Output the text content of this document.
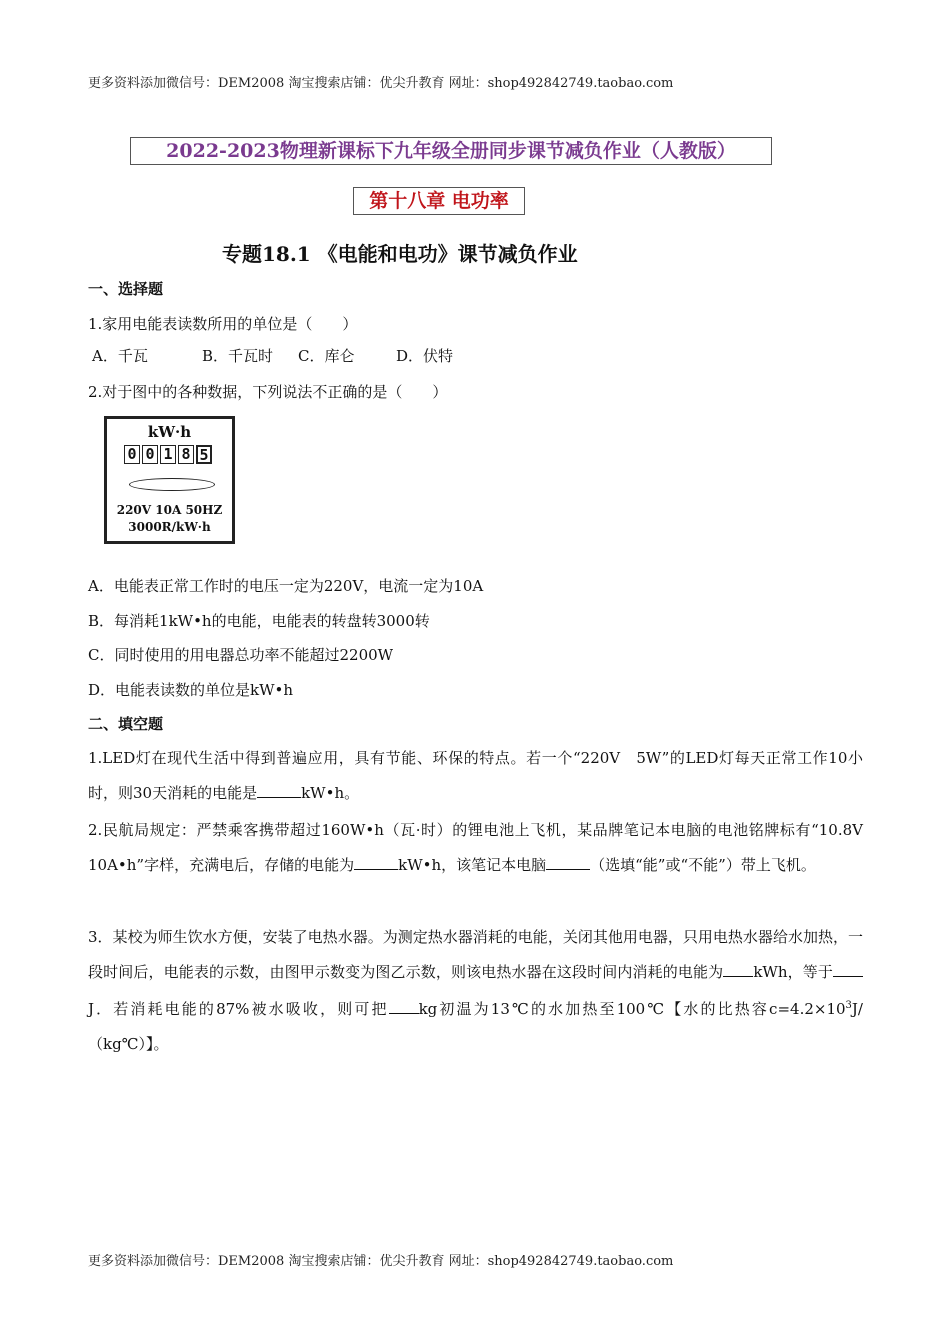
更多资料添加微信号：DEM2008 淘宝搜索店铺：优尖升教育 网址：shop492842749.taobao.com
2022-2023物理新课标下九年级全册同步课节减负作业（人教版）
第十八章 电功率
专题18.1 《电能和电功》课节减负作业
一、选择题
1.家用电能表读数所用的单位是（　　）
A．千瓦	B．千瓦时 C．库仑	D．伏特
2.对于图中的各种数据，下列说法不正确的是（　　）
kW·h
0 0 1 8 5
220V 10A 50HZ
3000R/kW·h
A．电能表正常工作时的电压一定为220V，电流一定为10A
B．每消耗1kW•h的电能，电能表的转盘转3000转
C．同时使用的用电器总功率不能超过2200W
D．电能表读数的单位是kW•h
二、填空题
1.LED灯在现代生活中得到普遍应用，具有节能、环保的特点。若一个“220V　5W”的LED灯每天正常工作10小时，则30天消耗的电能是	kW•h。
2.民航局规定：严禁乘客携带超过160W•h（瓦·时）的锂电池上飞机，某品牌笔记本电脑的电池铭牌标有“10.8V　10A•h”字样，充满电后，存储的电能为	kW•h，该笔记本电脑	（选填“能”或“不能”）带上飞机。
3．某校为师生饮水方便，安装了电热水器。为测定热水器消耗的电能，关闭其他用电器，只用电热水器给水加热，一段时间后，电能表的示数，由图甲示数变为图乙示数，则该电热水器在这段时间内消耗的电能为 kWh，等于J．若消耗电能的87%被水吸收，则可把 kg初温为13℃的水加热至100℃【水的比热容$c=4.2\times 10^3J/(kg℃)$】。
更多资料添加微信号：DEM2008 淘宝搜索店铺：优尖升教育 网址：shop492842749.taobao.com
